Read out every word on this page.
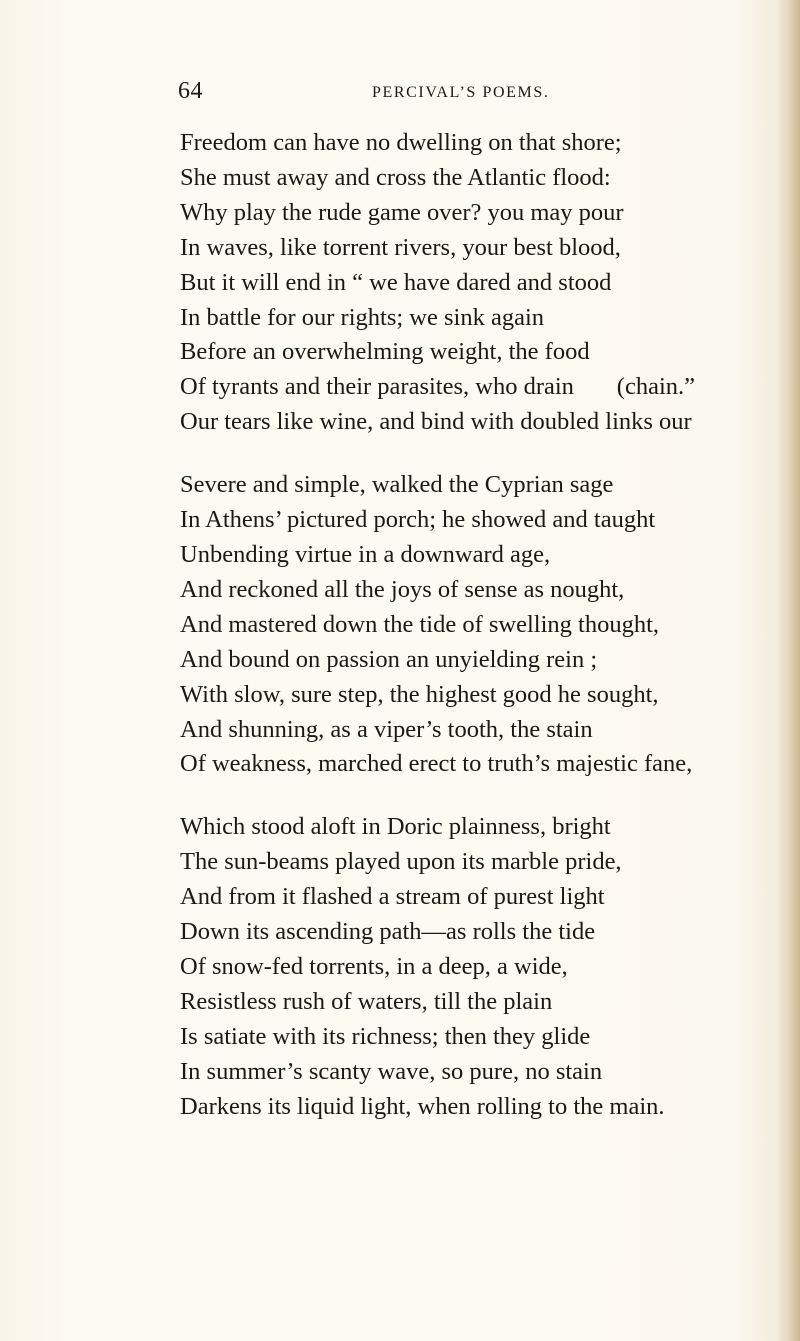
64	PERCIVAL’S POEMS.
Freedom can have no dwelling on that shore;
She must away and cross the Atlantic flood:
Why play the rude game over? you may pour
In waves, like torrent rivers, your best blood,
But it will end in “ we have dared and stood
In battle for our rights; we sink again
Before an overwhelming weight, the food
Of tyrants and their parasites, who drain       (chain.”
Our tears like wine, and bind with doubled links our
Severe and simple, walked the Cyprian sage
In Athens’ pictured porch; he showed and taught
Unbending virtue in a downward age,
And reckoned all the joys of sense as nought,
And mastered down the tide of swelling thought,
And bound on passion an unyielding rein ;
With slow, sure step, the highest good he sought,
And shunning, as a viper’s tooth, the stain
Of weakness, marched erect to truth’s majestic fane,
Which stood aloft in Doric plainness, bright
The sun-beams played upon its marble pride,
And from it flashed a stream of purest light
Down its ascending path—as rolls the tide
Of snow-fed torrents, in a deep, a wide,
Resistless rush of waters, till the plain
Is satiate with its richness; then they glide
In summer’s scanty wave, so pure, no stain
Darkens its liquid light, when rolling to the main.
